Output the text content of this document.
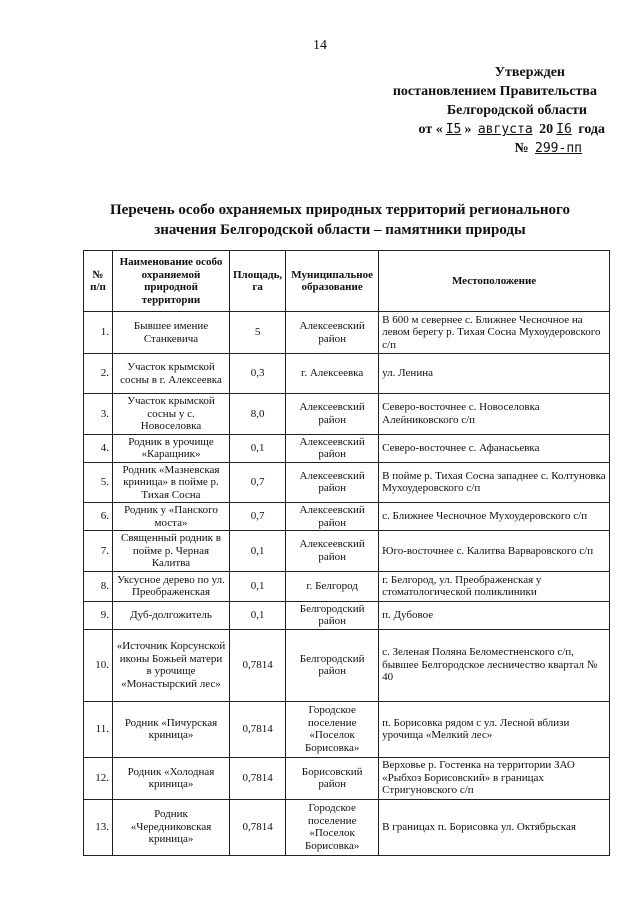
14
Утвержден
постановлением Правительства
Белгородской области
от « I5 » августа 20 I6 года
№ 299-пп
Перечень особо охраняемых природных территорий регионального
значения Белгородской области – памятники природы
№ п/п	Наименование особо охраняемой природной территории	Площадь, га	Муниципальное образование	Местоположение
1.	Бывшее имение Станкевича	5	Алексеевский район	В 600 м севернее с. Ближнее Чесночное на левом берегу р. Тихая Сосна Мухоудеровского с/п
2.	Участок крымской сосны в г. Алексеевка	0,3	г. Алексеевка	ул. Ленина
3.	Участок крымской сосны у с. Новоселовка	8,0	Алексеевский район	Северо-восточнее с. Новоселовка Алейниковского с/п
4.	Родник в урочище «Каращник»	0,1	Алексеевский район	Северо-восточнее с. Афанасьевка
5.	Родник «Мазневская криница» в пойме р. Тихая Сосна	0,7	Алексеевский район	В пойме р. Тихая Сосна западнее с. Колтуновка Мухоудеровского с/п
6.	Родник у «Панского моста»	0,7	Алексеевский район	с. Ближнее Чесночное Мухоудеровского с/п
7.	Священный родник в пойме р. Черная Калитва	0,1	Алексеевский район	Юго-восточнее с. Калитва Варваровского с/п
8.	Уксусное дерево по ул. Преображенская	0,1	г. Белгород	г. Белгород, ул. Преображенская у стоматологической поликлиники
9.	Дуб-долгожитель	0,1	Белгородский район	п. Дубовое
10.	«Источник Корсунской иконы Божьей матери в урочище «Монастырский лес»	0,7814	Белгородский район	с. Зеленая Поляна Беломестненского с/п, бывшее Белгородское лесничество квартал № 40
11.	Родник «Пичурская криница»	0,7814	Городское поселение «Поселок Борисовка»	п. Борисовка рядом с ул. Лесной вблизи урочища «Мелкий лес»
12.	Родник «Холодная криница»	0,7814	Борисовский район	Верховье р. Гостенка на территории ЗАО «Рыбхоз Борисовский» в границах Стригуновского с/п
13.	Родник «Чередниковская криница»	0,7814	Городское поселение «Поселок Борисовка»	В границах п. Борисовка ул. Октябрьская
